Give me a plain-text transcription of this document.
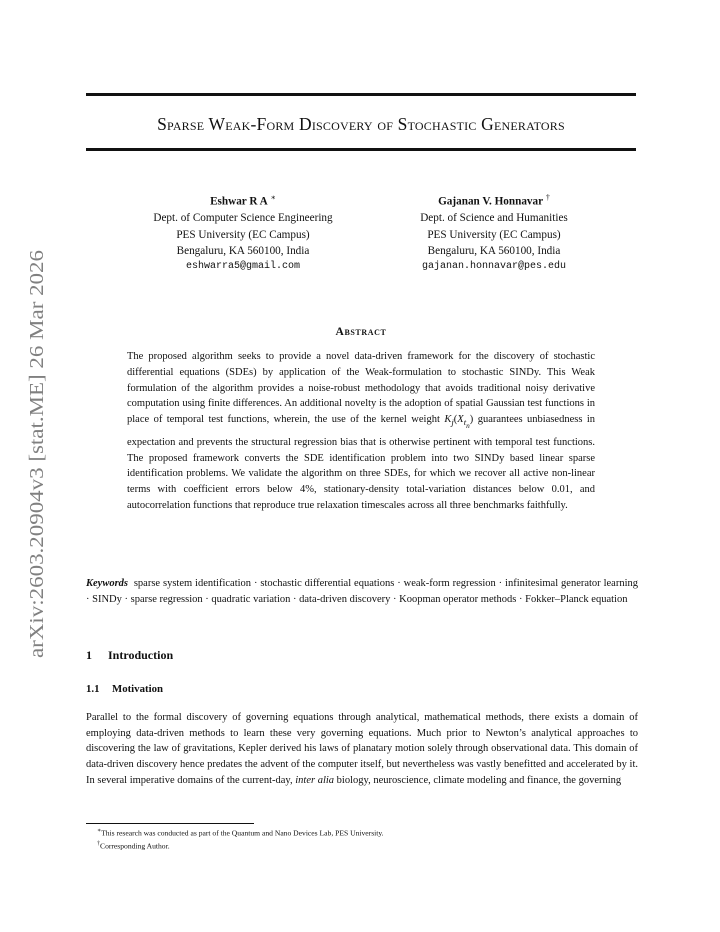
arXiv:2603.20904v3 [stat.ME] 26 Mar 2026
Sparse Weak-Form Discovery of Stochastic Generators
Eshwar R A ∗
Dept. of Computer Science Engineering
PES University (EC Campus)
Bengaluru, KA 560100, India
eshwarra5@gmail.com
Gajanan V. Honnavar †
Dept. of Science and Humanities
PES University (EC Campus)
Bengaluru, KA 560100, India
gajanan.honnavar@pes.edu
Abstract
The proposed algorithm seeks to provide a novel data-driven framework for the discovery of stochastic differential equations (SDEs) by application of the Weak-formulation to stochastic SINDy. This Weak formulation of the algorithm provides a noise-robust methodology that avoids traditional noisy derivative computation using finite differences. An additional novelty is the adoption of spatial Gaussian test functions in place of temporal test functions, wherein, the use of the kernel weight $K_j(X_{t_n})$ guarantees unbiasedness in expectation and prevents the structural regression bias that is otherwise pertinent with temporal test functions. The proposed framework converts the SDE identification problem into two SINDy based linear sparse identification problems. We validate the algorithm on three SDEs, for which we recover all active non-linear terms with coefficient errors below 4%, stationary-density total-variation distances below 0.01, and autocorrelation functions that reproduce true relaxation timescales across all three benchmarks faithfully.
Keywords sparse system identification · stochastic differential equations · weak-form regression · infinitesimal generator learning · SINDy · sparse regression · quadratic variation · data-driven discovery · Koopman operator methods · Fokker–Planck equation
1 Introduction
1.1 Motivation
Parallel to the formal discovery of governing equations through analytical, mathematical methods, there exists a domain of employing data-driven methods to learn these very governing equations. Much prior to Newton’s analytical approaches to discovering the law of gravitations, Kepler derived his laws of planatary motion solely through observational data. This domain of data-driven discovery hence predates the advent of the computer itself, but nevertheless was vastly benefitted and accelerated by it. In several imperative domains of the current-day, inter alia biology, neuroscience, climate modeling and finance, the governing
∗This research was conducted as part of the Quantum and Nano Devices Lab, PES University.
†Corresponding Author.
